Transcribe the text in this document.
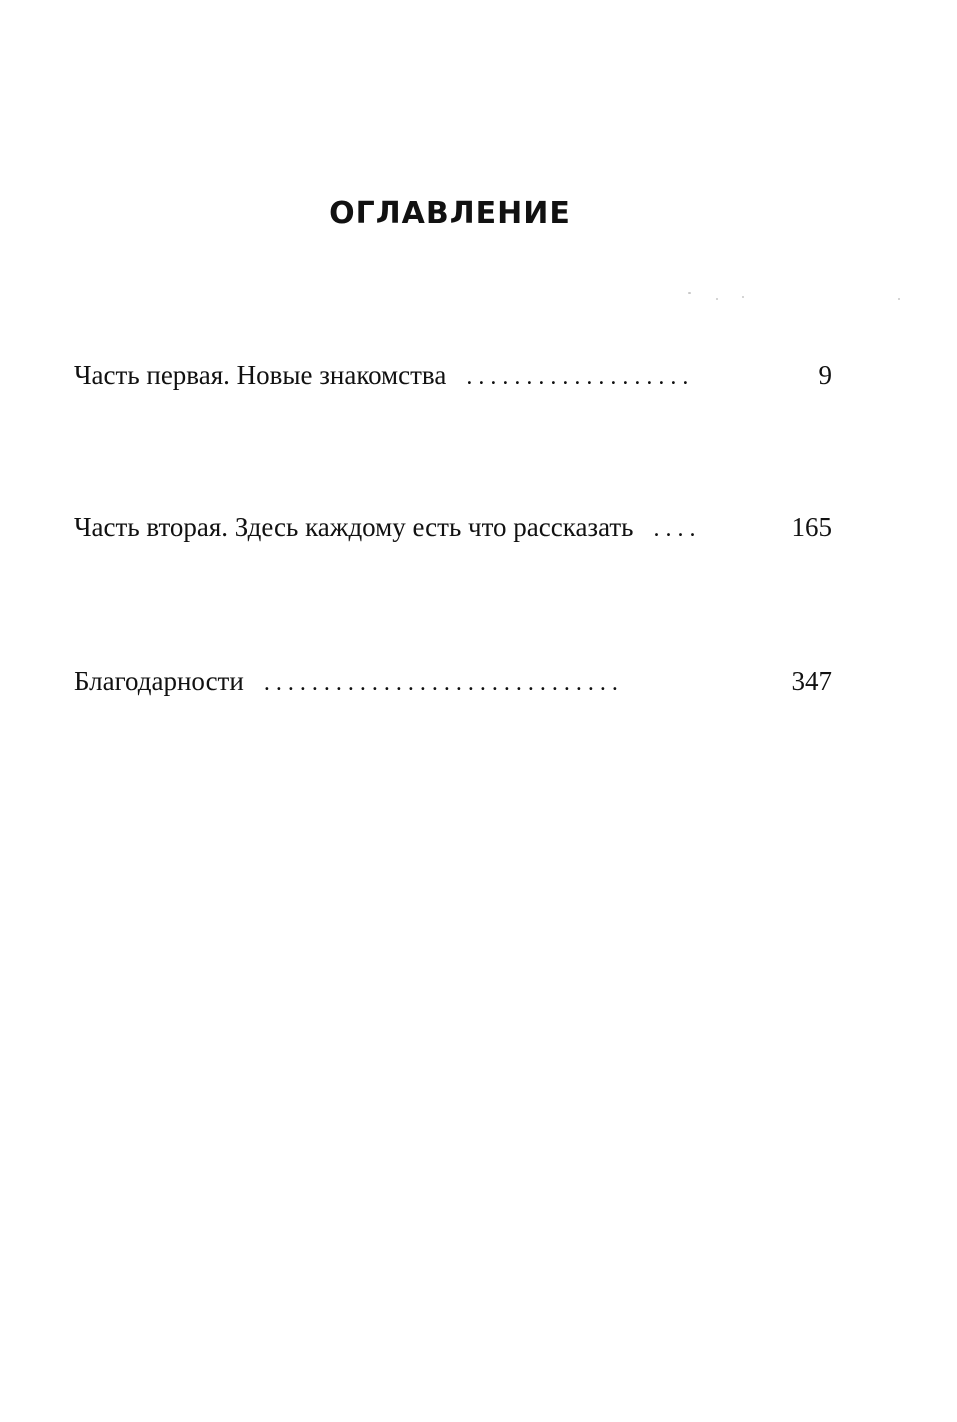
ОГЛАВЛЕНИЕ
Часть первая. Новые знакомства ...................	9
Часть вторая. Здесь каждому есть что рассказать ....	165
Благодарности ..............................	347
